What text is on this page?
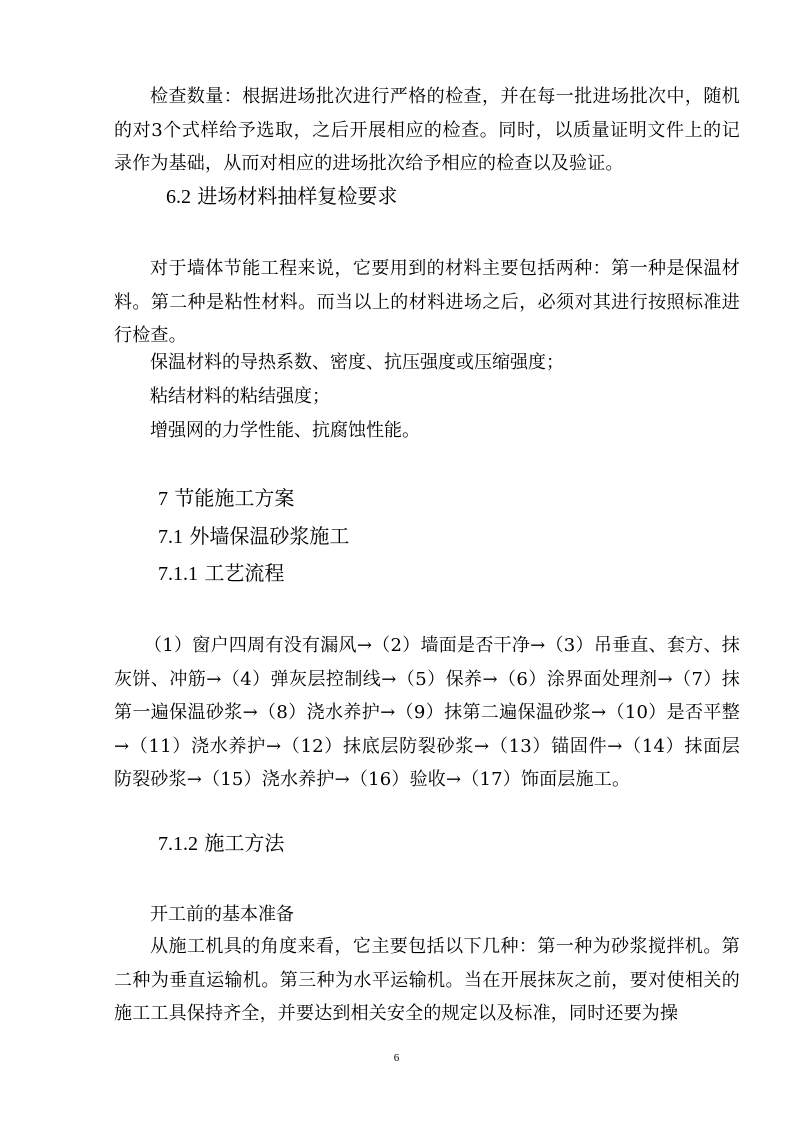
检查数量：根据进场批次进行严格的检查，并在每一批进场批次中，随机的对3个式样给予选取，之后开展相应的检查。同时，以质量证明文件上的记录作为基础，从而对相应的进场批次给予相应的检查以及验证。

6.2 进场材料抽样复检要求

对于墙体节能工程来说，它要用到的材料主要包括两种：第一种是保温材料。第二种是粘性材料。而当以上的材料进场之后，必须对其进行按照标准进行检查。

保温材料的导热系数、密度、抗压强度或压缩强度；

粘结材料的粘结强度；

增强网的力学性能、抗腐蚀性能。

7 节能施工方案
7.1 外墙保温砂浆施工
7.1.1 工艺流程

（1）窗户四周有没有漏风→（2）墙面是否干净→（3）吊垂直、套方、抹灰饼、冲筋→（4）弹灰层控制线→（5）保养→（6）涂界面处理剂→（7）抹第一遍保温砂浆→（8）浇水养护→（9）抹第二遍保温砂浆→（10）是否平整→（11）浇水养护→（12）抹底层防裂砂浆→（13）锚固件→（14）抹面层防裂砂浆→（15）浇水养护→（16）验收→（17）饰面层施工。

7.1.2 施工方法

开工前的基本准备

从施工机具的角度来看，它主要包括以下几种：第一种为砂浆搅拌机。第二种为垂直运输机。第三种为水平运输机。当在开展抹灰之前，要对使相关的施工工具保持齐全，并要达到相关安全的规定以及标准，同时还要为操

6
